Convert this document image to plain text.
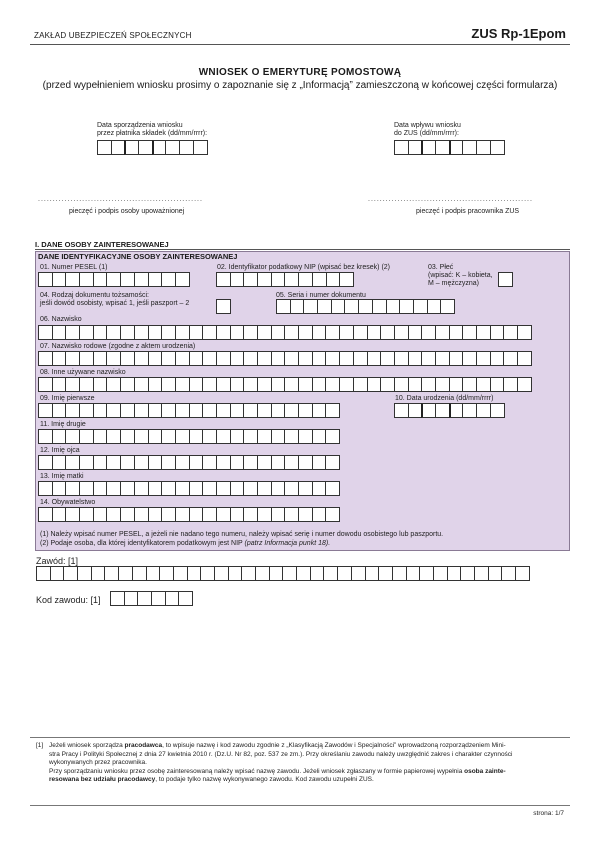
ZAKŁAD UBEZPIECZEŃ SPOŁECZNYCH	ZUS Rp-1Epom
WNIOSEK O EMERYTURĘ POMOSTOWĄ
(przed wypełnieniem wniosku prosimy o zapoznanie się z „Informacją” zamieszczoną w końcowej części formularza)
Data sporządzenia wniosku
przez płatnika składek (dd/mm/rrrr):
Data wpływu wniosku
do ZUS (dd/mm/rrrr):
........................................................
pieczęć i podpis osoby upoważnionej
........................................................
pieczęć i podpis pracownika ZUS
I. DANE OSOBY ZAINTERESOWANEJ
DANE IDENTYFIKACYJNE OSOBY ZAINTERESOWANEJ
01. Numer PESEL (1)	02. Identyfikator podatkowy NIP (wpisać bez kresek) (2)	03. Płeć
(wpisać: K – kobieta,
M – mężczyzna)
04. Rodzaj dokumentu tożsamości:
jeśli dowód osobisty, wpisać 1, jeśli paszport – 2
05. Seria i numer dokumentu
06. Nazwisko
07. Nazwisko rodowe (zgodne z aktem urodzenia)
08. Inne używane nazwisko
09. Imię pierwsze	10. Data urodzenia (dd/mm/rrrr)
11. Imię drugie
12. Imię ojca
13. Imię matki
14. Obywatelstwo
(1) Należy wpisać numer PESEL, a jeżeli nie nadano tego numeru, należy wpisać serię i numer dowodu osobistego lub paszportu.
(2) Podaje osoba, dla której identyfikatorem podatkowym jest NIP (patrz Informacja punkt 18).
Zawód: [1]
Kod zawodu: [1]
[1] Jeżeli wniosek sporządza pracodawca, to wpisuje nazwę i kod zawodu zgodnie z „Klasyfikacją Zawodów i Specjalności” wprowadzoną rozporządzeniem Mini-
stra Pracy i Polityki Społecznej z dnia 27 kwietnia 2010 r. (Dz.U. Nr 82, poz. 537 ze zm.). Przy określaniu zawodu należy uwzględnić zakres i charakter czynności
wykonywanych przez pracownika.
Przy sporządzaniu wniosku przez osobę zainteresowaną należy wpisać nazwę zawodu. Jeżeli wniosek zgłaszany w formie papierowej wypełnia osoba zainte-
resowana bez udziału pracodawcy, to podaje tylko nazwę wykonywanego zawodu. Kod zawodu uzupełni ZUS.
strona: 1/7
